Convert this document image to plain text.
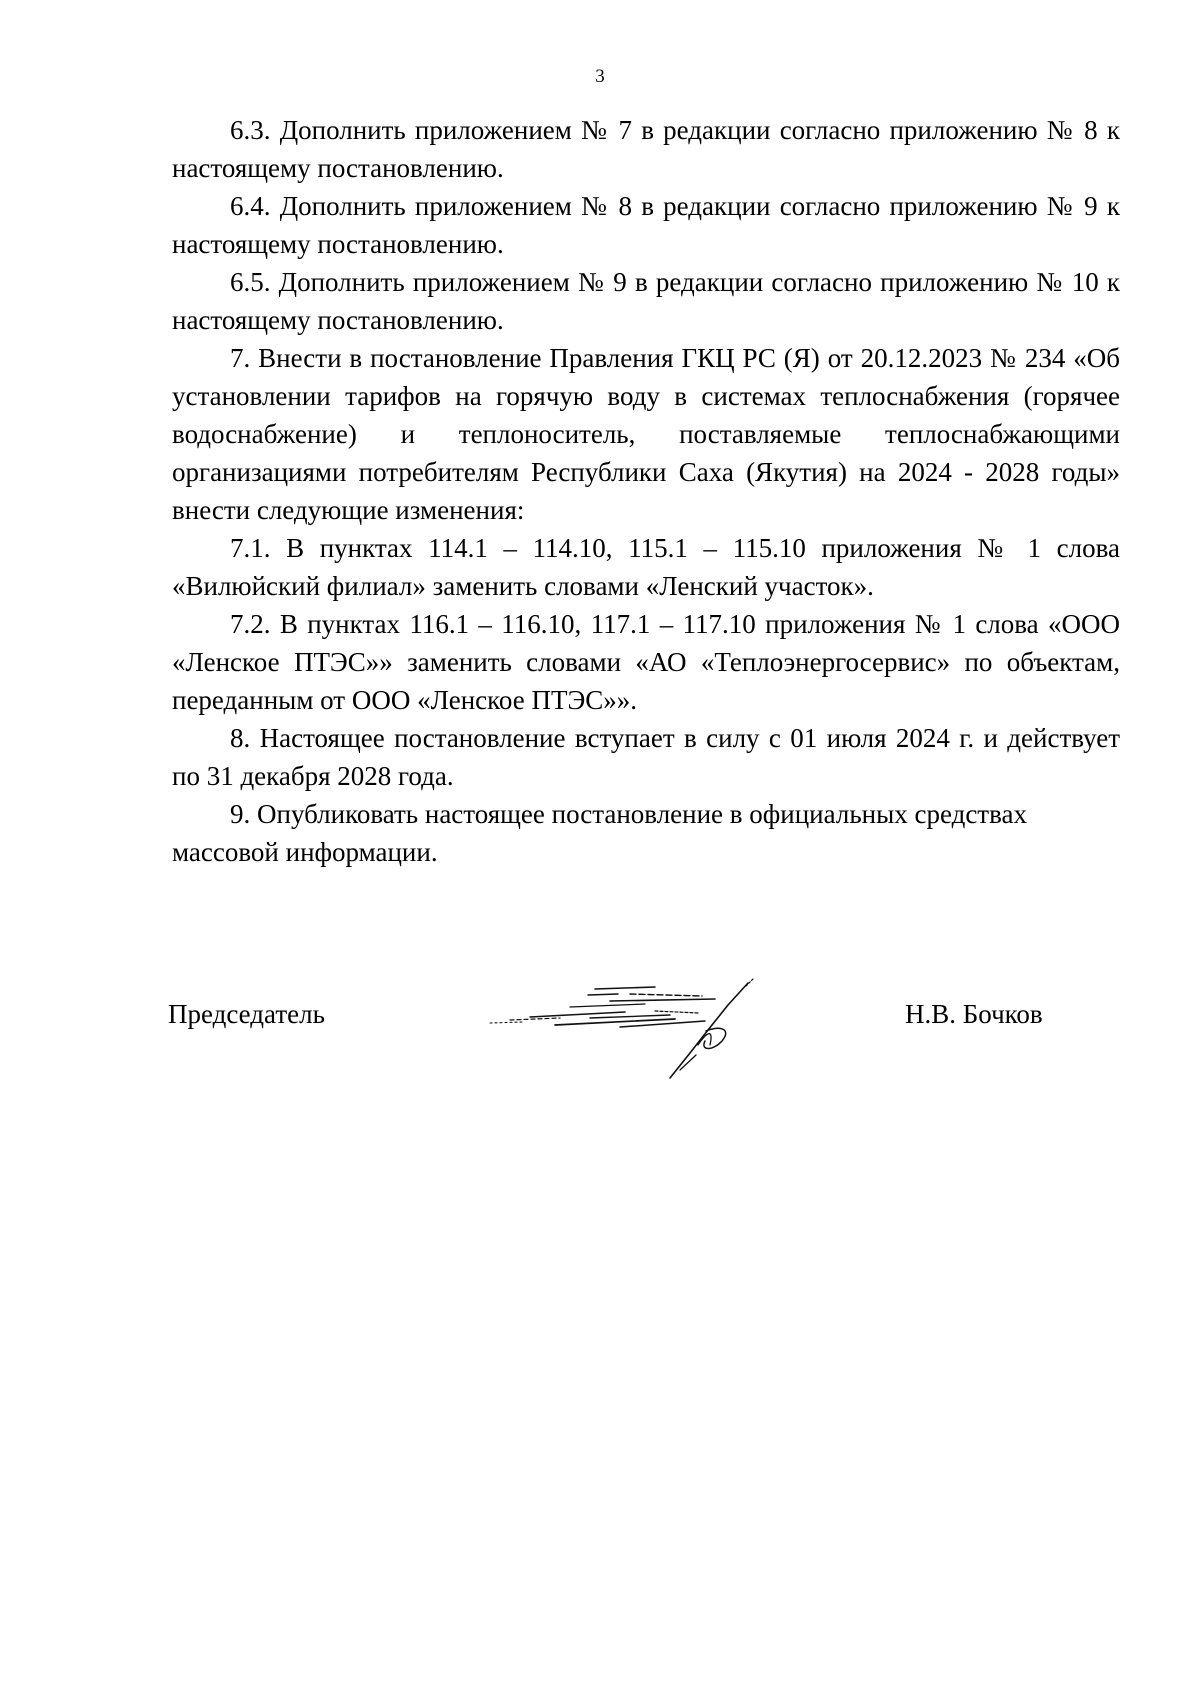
3

6.3. Дополнить приложением № 7 в редакции согласно приложению № 8 к настоящему постановлению.

6.4. Дополнить приложением № 8 в редакции согласно приложению № 9 к настоящему постановлению.

6.5. Дополнить приложением № 9 в редакции согласно приложению № 10 к настоящему постановлению.

7. Внести в постановление Правления ГКЦ РС (Я) от 20.12.2023 № 234 «Об установлении тарифов на горячую воду в системах теплоснабжения (горячее водоснабжение) и теплоноситель, поставляемые теплоснабжающими организациями потребителям Республики Саха (Якутия) на 2024 - 2028 годы» внести следующие изменения:

7.1. В пунктах 114.1 – 114.10, 115.1 – 115.10 приложения № 1 слова «Вилюйский филиал» заменить словами «Ленский участок».

7.2. В пунктах 116.1 – 116.10, 117.1 – 117.10 приложения № 1 слова «ООО «Ленское ПТЭС»» заменить словами «АО «Теплоэнергосервис» по объектам, переданным от ООО «Ленское ПТЭС»».

8. Настоящее постановление вступает в силу с 01 июля 2024 г. и действует по 31 декабря 2028 года.

9. Опубликовать настоящее постановление в официальных средствах массовой информации.

Председатель	Н.В. Бочков
